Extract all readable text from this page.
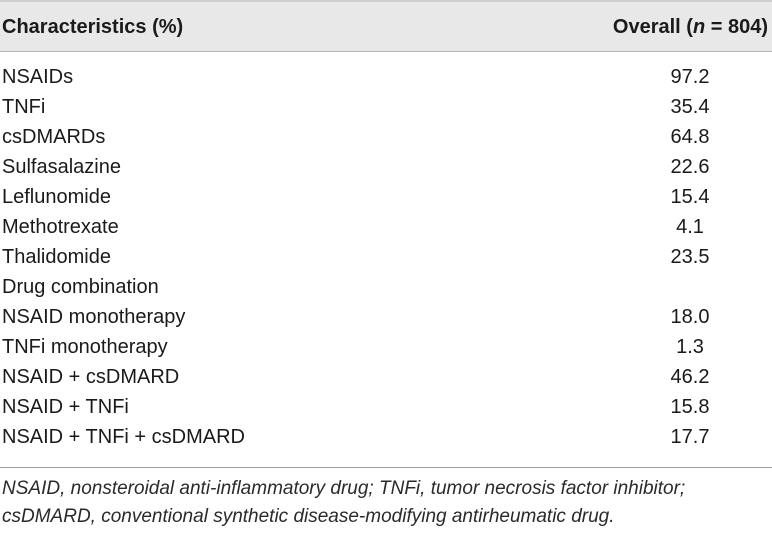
Characteristics (%)	Overall (n = 804)
NSAIDs	97.2
TNFi	35.4
csDMARDs	64.8
Sulfasalazine	22.6
Leflunomide	15.4
Methotrexate	4.1
Thalidomide	23.5
Drug combination
NSAID monotherapy	18.0
TNFi monotherapy	1.3
NSAID + csDMARD	46.2
NSAID + TNFi	15.8
NSAID + TNFi + csDMARD	17.7
NSAID, nonsteroidal anti-inflammatory drug; TNFi, tumor necrosis factor inhibitor;
csDMARD, conventional synthetic disease-modifying antirheumatic drug.
